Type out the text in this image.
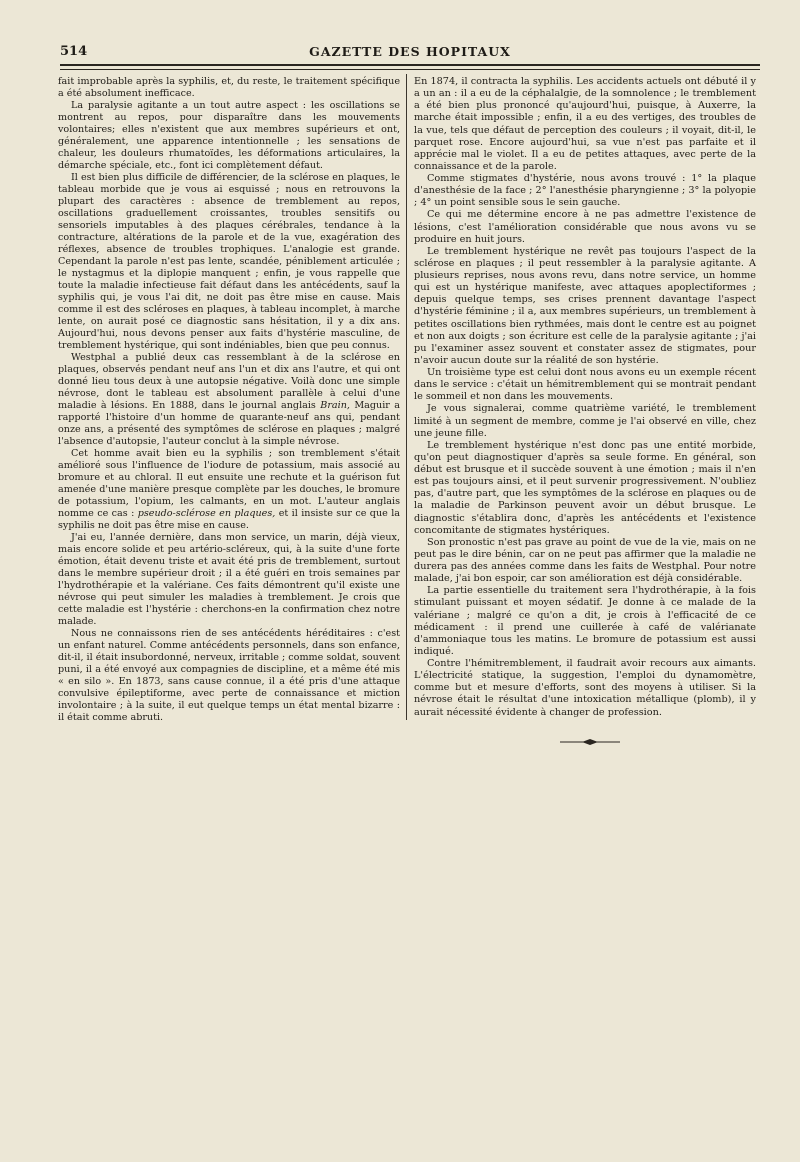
514	GAZETTE DES HOPITAUX

fait improbable après la syphilis, et, du reste, le traitement spécifique a été absolument inefficace.

La paralysie agitante a un tout autre aspect : les oscillations se montrent au repos, pour disparaître dans les mouvements volontaires; elles n'existent que aux membres supérieurs et ont, généralement, une apparence intentionnelle ; les sensations de chaleur, les douleurs rhumatoïdes, les déformations articulaires, la démarche spéciale, etc., font ici complètement défaut.

Il est bien plus difficile de différencier, de la sclérose en plaques, le tableau morbide que je vous ai esquissé ; nous en retrouvons la plupart des caractères : absence de tremblement au repos, oscillations graduellement croissantes, troubles sensitifs ou sensoriels imputables à des plaques cérébrales, tendance à la contracture, altérations de la parole et de la vue, exagération des réflexes, absence de troubles trophiques. L'analogie est grande. Cependant la parole n'est pas lente, scandée, péniblement articulée ; le nystagmus et la diplopie manquent ; enfin, je vous rappelle que toute la maladie infectieuse fait défaut dans les antécédents, sauf la syphilis qui, je vous l'ai dit, ne doit pas être mise en cause. Mais comme il est des scléroses en plaques, à tableau incomplet, à marche lente, on aurait posé ce diagnostic sans hésitation, il y a dix ans. Aujourd'hui, nous devons penser aux faits d'hystérie masculine, de tremblement hystérique, qui sont indéniables, bien que peu connus.

Westphal a publié deux cas ressemblant à de la sclérose en plaques, observés pendant neuf ans l'un et dix ans l'autre, et qui ont donné lieu tous deux à une autopsie négative. Voilà donc une simple névrose, dont le tableau est absolument parallèle à celui d'une maladie à lésions. En 1888, dans le journal anglais Brain, Maguir a rapporté l'histoire d'un homme de quarante-neuf ans qui, pendant onze ans, a présenté des symptômes de sclérose en plaques ; malgré l'absence d'autopsie, l'auteur conclut à la simple névrose.

Cet homme avait bien eu la syphilis ; son tremblement s'était amélioré sous l'influence de l'iodure de potassium, mais associé au bromure et au chloral. Il eut ensuite une rechute et la guérison fut amenée d'une manière presque complète par les douches, le bromure de potassium, l'opium, les calmants, en un mot. L'auteur anglais nomme ce cas : pseudo-sclérose en plaques, et il insiste sur ce que la syphilis ne doit pas être mise en cause.

J'ai eu, l'année dernière, dans mon service, un marin, déjà vieux, mais encore solide et peu artério-scléreux, qui, à la suite d'une forte émotion, était devenu triste et avait été pris de tremblement, surtout dans le membre supérieur droit ; il a été guéri en trois semaines par l'hydrothérapie et la valériane. Ces faits démontrent qu'il existe une névrose qui peut simuler les maladies à tremblement. Je crois que cette maladie est l'hystérie : cherchons-en la confirmation chez notre malade.

Nous ne connaissons rien de ses antécédents héréditaires : c'est un enfant naturel. Comme antécédents personnels, dans son enfance, dit-il, il était insubordonné, nerveux, irritable ; comme soldat, souvent puni, il a été envoyé aux compagnies de discipline, et a même été mis « en silo ». En 1873, sans cause connue, il a été pris d'une attaque convulsive épileptiforme, avec perte de connaissance et miction involontaire ; à la suite, il eut quelque temps un état mental bizarre : il était comme abruti.

En 1874, il contracta la syphilis. Les accidents actuels ont débuté il y a un an : il a eu de la céphalalgie, de la somnolence ; le tremblement a été bien plus prononcé qu'aujourd'hui, puisque, à Auxerre, la marche était impossible ; enfin, il a eu des vertiges, des troubles de la vue, tels que défaut de perception des couleurs ; il voyait, dit-il, le parquet rose. Encore aujourd'hui, sa vue n'est pas parfaite et il apprécie mal le violet. Il a eu de petites attaques, avec perte de la connaissance et de la parole.

Comme stigmates d'hystérie, nous avons trouvé : 1° la plaque d'anesthésie de la face ; 2° l'anesthésie pharyngienne ; 3° la polyopie ; 4° un point sensible sous le sein gauche.

Ce qui me détermine encore à ne pas admettre l'existence de lésions, c'est l'amélioration considérable que nous avons vu se produire en huit jours.

Le tremblement hystérique ne revêt pas toujours l'aspect de la sclérose en plaques ; il peut ressembler à la paralysie agitante. A plusieurs reprises, nous avons revu, dans notre service, un homme qui est un hystérique manifeste, avec attaques apoplectiformes ; depuis quelque temps, ses crises prennent davantage l'aspect d'hystérie féminine ; il a, aux membres supérieurs, un tremblement à petites oscillations bien rythmées, mais dont le centre est au poignet et non aux doigts ; son écriture est celle de la paralysie agitante ; j'ai pu l'examiner assez souvent et constater assez de stigmates, pour n'avoir aucun doute sur la réalité de son hystérie.

Un troisième type est celui dont nous avons eu un exemple récent dans le service : c'était un hémitremblement qui se montrait pendant le sommeil et non dans les mouvements.

Je vous signalerai, comme quatrième variété, le tremblement limité à un segment de membre, comme je l'ai observé en ville, chez une jeune fille.

Le tremblement hystérique n'est donc pas une entité morbide, qu'on peut diagnostiquer d'après sa seule forme. En général, son début est brusque et il succède souvent à une émotion ; mais il n'en est pas toujours ainsi, et il peut survenir progressivement. N'oubliez pas, d'autre part, que les symptômes de la sclérose en plaques ou de la maladie de Parkinson peuvent avoir un début brusque. Le diagnostic s'établira donc, d'après les antécédents et l'existence concomitante de stigmates hystériques.

Son pronostic n'est pas grave au point de vue de la vie, mais on ne peut pas le dire bénin, car on ne peut pas affirmer que la maladie ne durera pas des années comme dans les faits de Westphal. Pour notre malade, j'ai bon espoir, car son amélioration est déjà considérable.

La partie essentielle du traitement sera l'hydrothérapie, à la fois stimulant puissant et moyen sédatif. Je donne à ce malade de la valériane ; malgré ce qu'on a dit, je crois à l'efficacité de ce médicament : il prend une cuillerée à café de valérianate d'ammoniaque tous les matins. Le bromure de potassium est aussi indiqué.

Contre l'hémitremblement, il faudrait avoir recours aux aimants. L'électricité statique, la suggestion, l'emploi du dynamomètre, comme but et mesure d'efforts, sont des moyens à utiliser. Si la névrose était le résultat d'une intoxication métallique (plomb), il y aurait nécessité évidente à changer de profession.
